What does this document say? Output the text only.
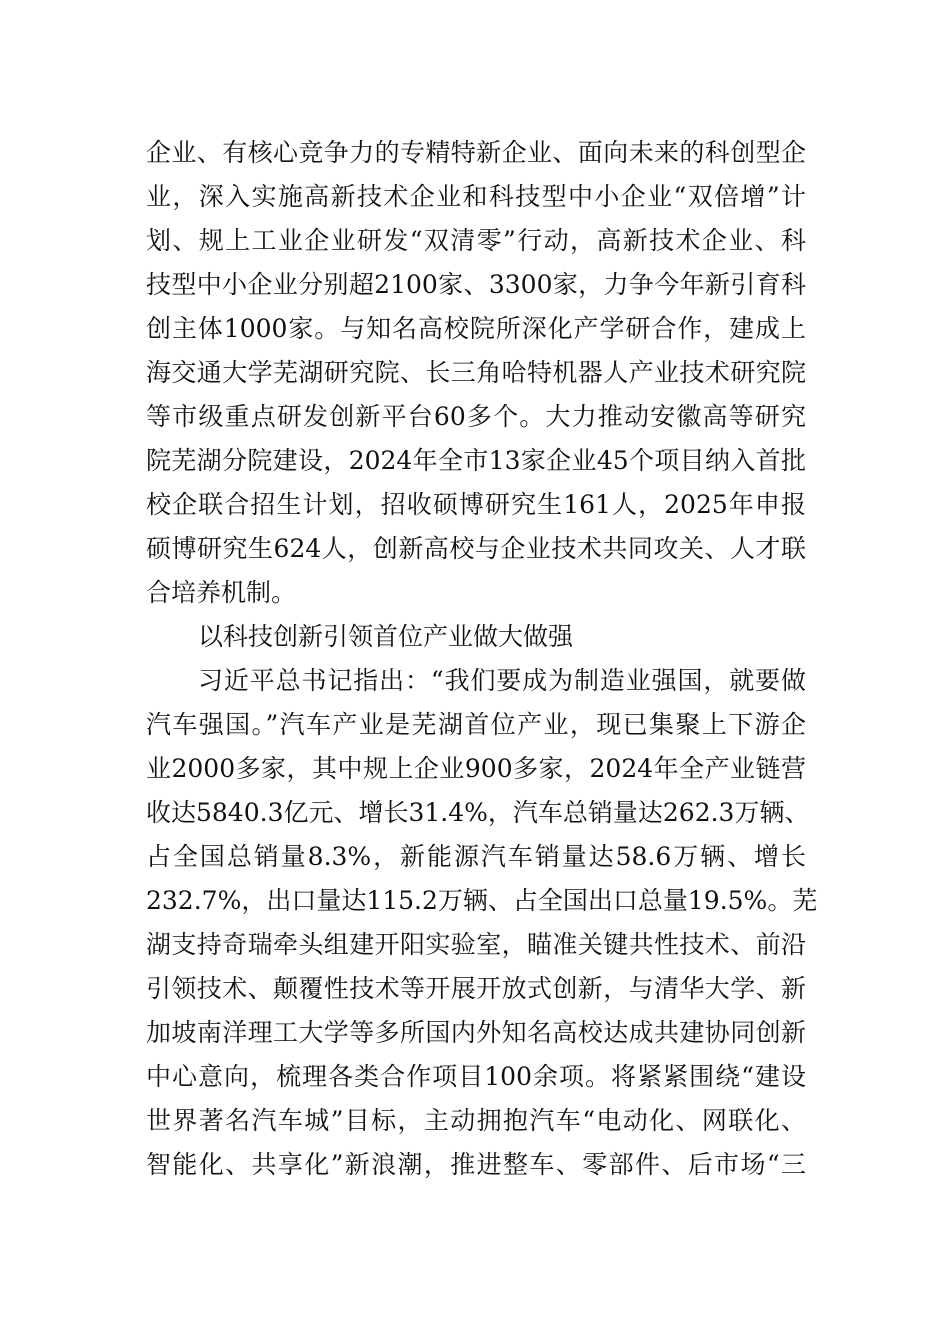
企业、有核心竞争力的专精特新企业、面向未来的科创型企
业，深入实施高新技术企业和科技型中小企业“双倍增”计
划、规上工业企业研发“双清零”行动，高新技术企业、科
技型中小企业分别超2100家、3300家，力争今年新引育科
创主体1000家。与知名高校院所深化产学研合作，建成上
海交通大学芜湖研究院、长三角哈特机器人产业技术研究院
等市级重点研发创新平台60多个。大力推动安徽高等研究
院芜湖分院建设，2024年全市13家企业45个项目纳入首批
校企联合招生计划，招收硕博研究生161人，2025年申报
硕博研究生624人，创新高校与企业技术共同攻关、人才联
合培养机制。
以科技创新引领首位产业做大做强
习近平总书记指出：“我们要成为制造业强国，就要做
汽车强国。”汽车产业是芜湖首位产业，现已集聚上下游企
业2000多家，其中规上企业900多家，2024年全产业链营
收达5840.3亿元、增长31.4%，汽车总销量达262.3万辆、
占全国总销量8.3%，新能源汽车销量达58.6万辆、增长
232.7%，出口量达115.2万辆、占全国出口总量19.5%。芜
湖支持奇瑞牵头组建开阳实验室，瞄准关键共性技术、前沿
引领技术、颠覆性技术等开展开放式创新，与清华大学、新
加坡南洋理工大学等多所国内外知名高校达成共建协同创新
中心意向，梳理各类合作项目100余项。将紧紧围绕“建设
世界著名汽车城”目标，主动拥抱汽车“电动化、网联化、
智能化、共享化”新浪潮，推进整车、零部件、后市场“三
